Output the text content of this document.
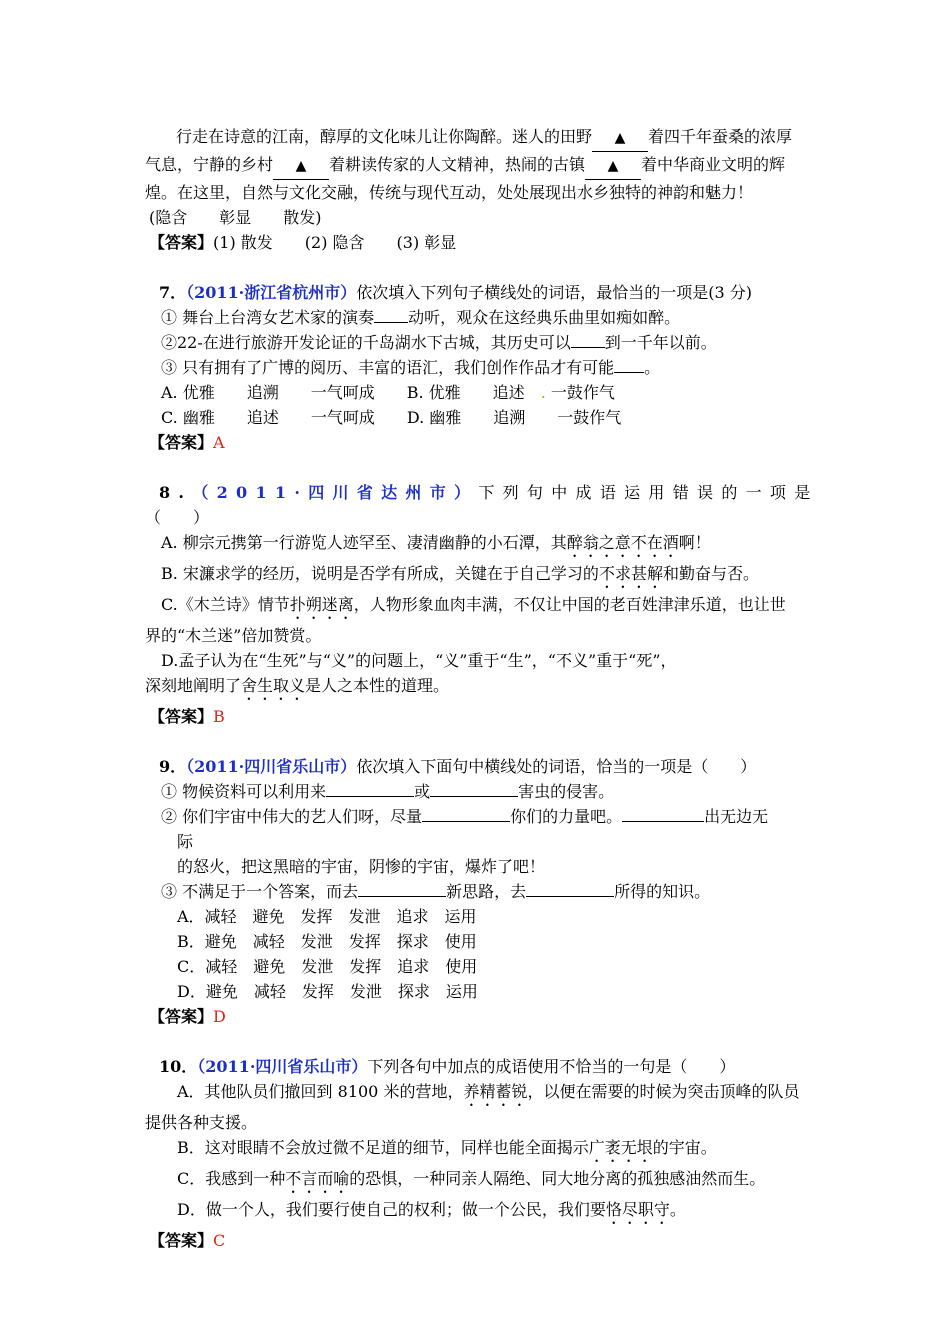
行走在诗意的江南，醇厚的文化味儿让你陶醉。迷人的田野 ▲ 着四千年蚕桑的浓厚
气息，宁静的乡村 ▲ 着耕读传家的人文精神，热闹的古镇 ▲ 着中华商业文明的辉
煌。在这里，自然与文化交融，传统与现代互动，处处展现出水乡独特的神韵和魅力！
(隐含　　彰显　　散发)
【答案】(1) 散发　　(2) 隐含　　(3) 彰显
7．（2011·浙江省杭州市）依次填入下列句子横线处的词语，最恰当的一项是(3 分)
① 舞台上台湾女艺术家的演奏 动听，观众在这经典乐曲里如痴如醉。
②22-在进行旅游开发论证的千岛湖水下古城，其历史可以 到一千年以前。
③ 只有拥有了广博的阅历、丰富的语汇，我们创作作品才有可能 。
A. 优雅　　追溯　　一气呵成　　 B. 优雅　　追述　 . 一鼓作气
C. 幽雅　　追述　　一气呵成　　 D. 幽雅　　追溯　　一鼓作气
【答案】A
8.（2011·四川省达州市）下列句中成语运用错误的一项是
（　　）
A. 柳宗元携第一行游览人迹罕至、凄清幽静的小石潭，其醉翁之意不在酒啊！
B. 宋濂求学的经历，说明是否学有所成，关键在于自己学习的不求甚解和勤奋与否。
C.《木兰诗》情节扑朔迷离，人物形象血肉丰满，不仅让中国的老百姓津津乐道，也让世
界的“木兰迷”倍加赞赏。
D.孟子认为在“生死”与“义”的问题上，“义”重于“生”，“不义”重于“死”，
深刻地阐明了舍生取义是人之本性的道理。
【答案】B
9．（2011·四川省乐山市）依次填入下面句中横线处的词语，恰当的一项是（　　）
① 物候资料可以利用来	或	害虫的侵害。
② 你们宇宙中伟大的艺人们呀，尽量	你们的力量吧。	出无边无
际
的怒火，把这黑暗的宇宙，阴惨的宇宙，爆炸了吧！
③ 不满足于一个答案，而去	新思路，去	所得的知识。
A．减轻　避免　发挥　发泄　追求　运用
B．避免　减轻　发泄　发挥　探求　使用
C．减轻　避免　发泄　发挥　追求　使用
D．避免　减轻　发挥　发泄　探求　运用
【答案】D
10．（2011·四川省乐山市）下列各句中加点的成语使用不恰当的一句是（　　）
A．其他队员们撤回到 8100 米的营地，养精蓄锐，以便在需要的时候为突击顶峰的队员
提供各种支援。
B．这对眼睛不会放过微不足道的细节，同样也能全面揭示广袤无垠的宇宙。
C．我感到一种不言而喻的恐惧，一种同亲人隔绝、同大地分离的孤独感油然而生。
D．做一个人，我们要行使自己的权利；做一个公民，我们要恪尽职守。
【答案】C
